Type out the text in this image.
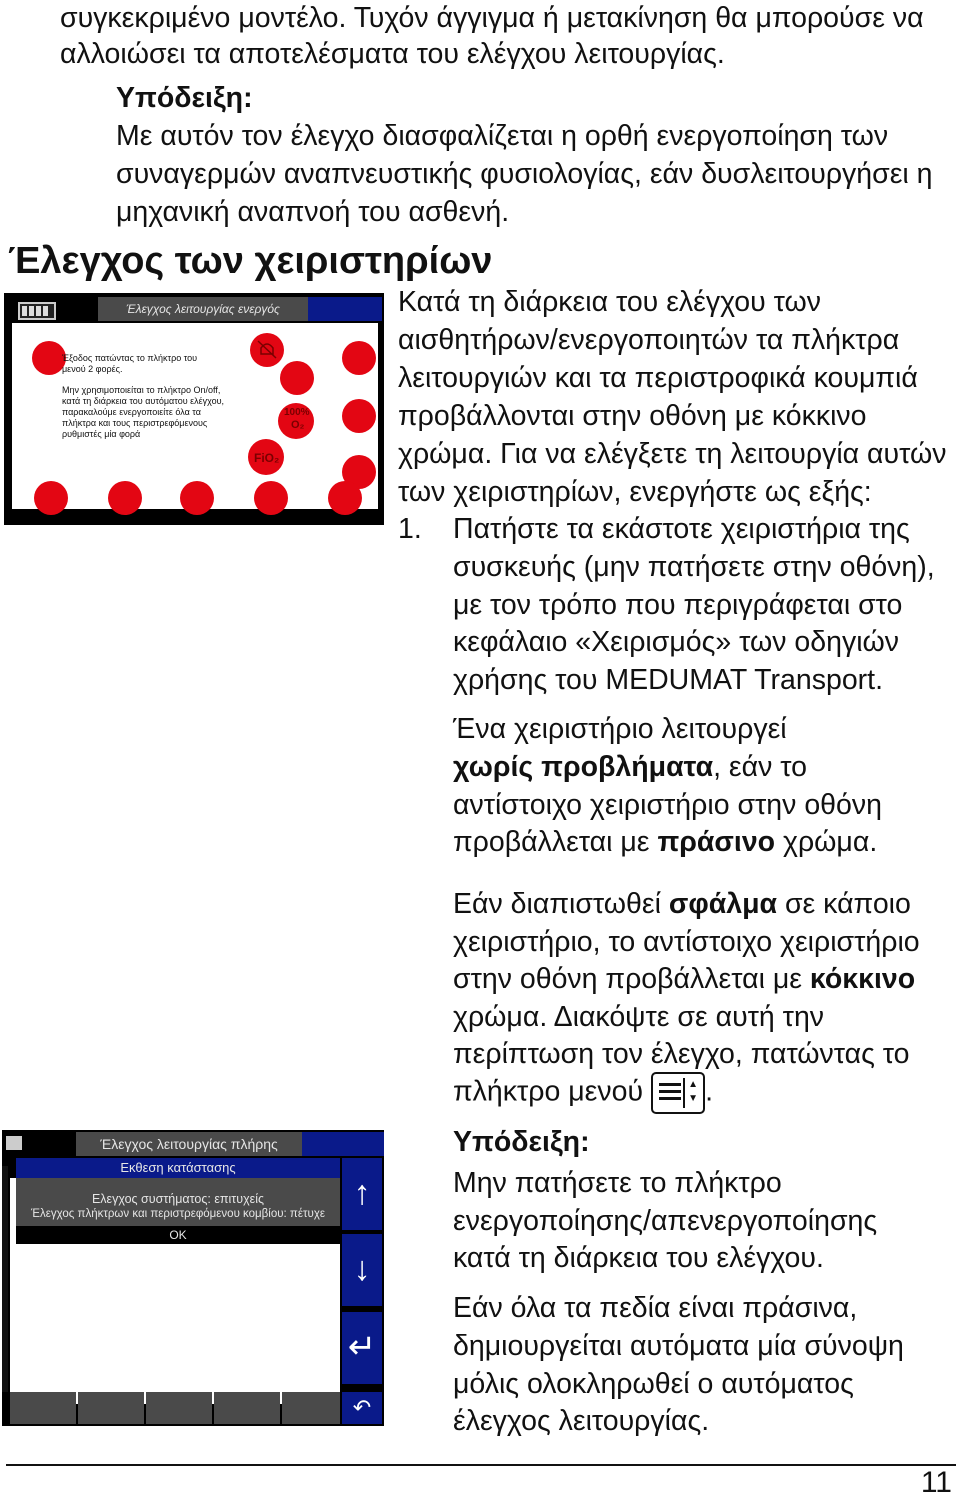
συγκεκριμένο μοντέλο. Τυχόν άγγιγμα ή μετακίνηση θα μπορούσε να
αλλοιώσει τα αποτελέσματα του ελέγχου λειτουργίας.
Υπόδειξη:
Με αυτόν τον έλεγχο διασφαλίζεται η ορθή ενεργοποίηση των
συναγερμών αναπνευστικής φυσιολογίας, εάν δυσλειτουργήσει η
μηχανική αναπνοή του ασθενή.
Έλεγχος των χειριστηρίων
Έλεγχος λειτουργίας ενεργός
Έξοδος πατώντας το πλήκτρο του
μενού 2 φορές.
Μην χρησιμοποιείται το πλήκτρο On/off,
κατά τη διάρκεια του αυτόματου ελέγχου,
παρακαλούμε ενεργοποιείτε όλα τα
πλήκτρα και τους περιστρεφόμενους
ρυθμιστές μία φορά
100%
O₂
FiO₂
Κατά τη διάρκεια του ελέγχου των
αισθητήρων/ενεργοποιητών τα πλήκτρα
λειτουργιών και τα περιστροφικά κουμπιά
προβάλλονται στην οθόνη με κόκκινο
χρώμα. Για να ελέγξετε τη λειτουργία αυτών
των χειριστηρίων, ενεργήστε ως εξής:
1. Πατήστε τα εκάστοτε χειριστήρια της
συσκευής (μην πατήσετε στην οθόνη),
με τον τρόπο που περιγράφεται στο
κεφάλαιο «Χειρισμός» των οδηγιών
χρήσης του MEDUMAT Transport.
Ένα χειριστήριο λειτουργεί
χωρίς προβλήματα, εάν το
αντίστοιχο χειριστήριο στην οθόνη
προβάλλεται με πράσινο χρώμα.
Εάν διαπιστωθεί σφάλμα σε κάποιο
χειριστήριο, το αντίστοιχο χειριστήριο
στην οθόνη προβάλλεται με κόκκινο
χρώμα. Διακόψτε σε αυτή την
περίπτωση τον έλεγχο, πατώντας το
πλήκτρο μενού	▲
▼ .
Υπόδειξη:
Μην πατήσετε το πλήκτρο
ενεργοποίησης/απενεργοποίησης
κατά τη διάρκεια του ελέγχου.
Εάν όλα τα πεδία είναι πράσινα,
δημιουργείται αυτόματα μία σύνοψη
μόλις ολοκληρωθεί ο αυτόματος
έλεγχος λειτουργίας.
Έλεγχος λειτουργίας πλήρης
Εκθεση κατάστασης
Ελεγχος συστήματος: επιτυχείς
Έλεγχος πλήκτρων και περιστρεφόμενου κομβίου: πέτυχε
OK
↑
↓
↵
↶
11
